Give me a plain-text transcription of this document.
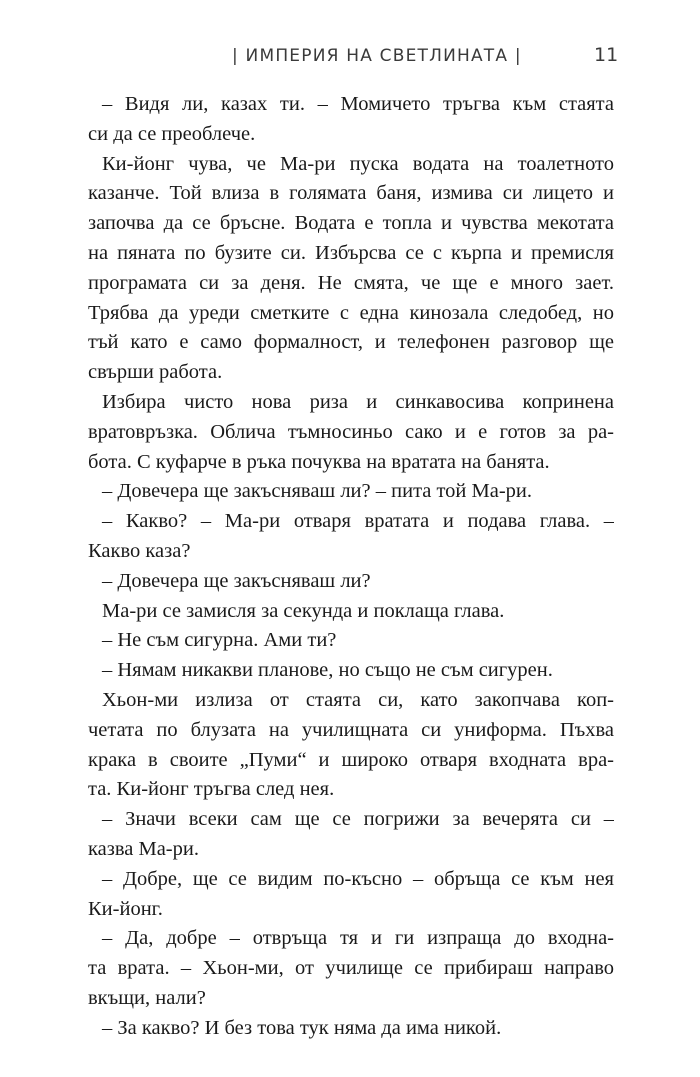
| ИМПЕРИЯ НА СВЕТЛИНАТА |	11
– Видя ли, казах ти. – Момичето тръгва към стаята
си да се преоблече.
Ки-йонг чува, че Ма-ри пуска водата на тоалетното
казанче. Той влиза в голямата баня, измива си лицето и
започва да се бръсне. Водата е топла и чувства мекотата
на пяната по бузите си. Избърсва се с кърпа и премисля
програмата си за деня. Не смята, че ще е много зает.
Трябва да уреди сметките с една кинозала следобед, но
тъй като е само формалност, и телефонен разговор ще
свърши работа.
Избира чисто нова риза и синкавосива копринена
вратовръзка. Облича тъмносиньо сако и е готов за ра-
бота. С куфарче в ръка почуква на вратата на банята.
– Довечера ще закъсняваш ли? – пита той Ма-ри.
– Какво? – Ма-ри отваря вратата и подава глава. –
Какво каза?
– Довечера ще закъсняваш ли?
Ма-ри се замисля за секунда и поклаща глава.
– Не съм сигурна. Ами ти?
– Нямам никакви планове, но също не съм сигурен.
Хьон-ми излиза от стаята си, като закопчава коп-
четата по блузата на училищната си униформа. Пъхва
крака в своите „Пуми“ и широко отваря входната вра-
та. Ки-йонг тръгва след нея.
– Значи всеки сам ще се погрижи за вечерята си –
казва Ма-ри.
– Добре, ще се видим по-късно – обръща се към нея
Ки-йонг.
– Да, добре – отвръща тя и ги изпраща до входна-
та врата. – Хьон-ми, от училище се прибираш направо
вкъщи, нали?
– За какво? И без това тук няма да има никой.
